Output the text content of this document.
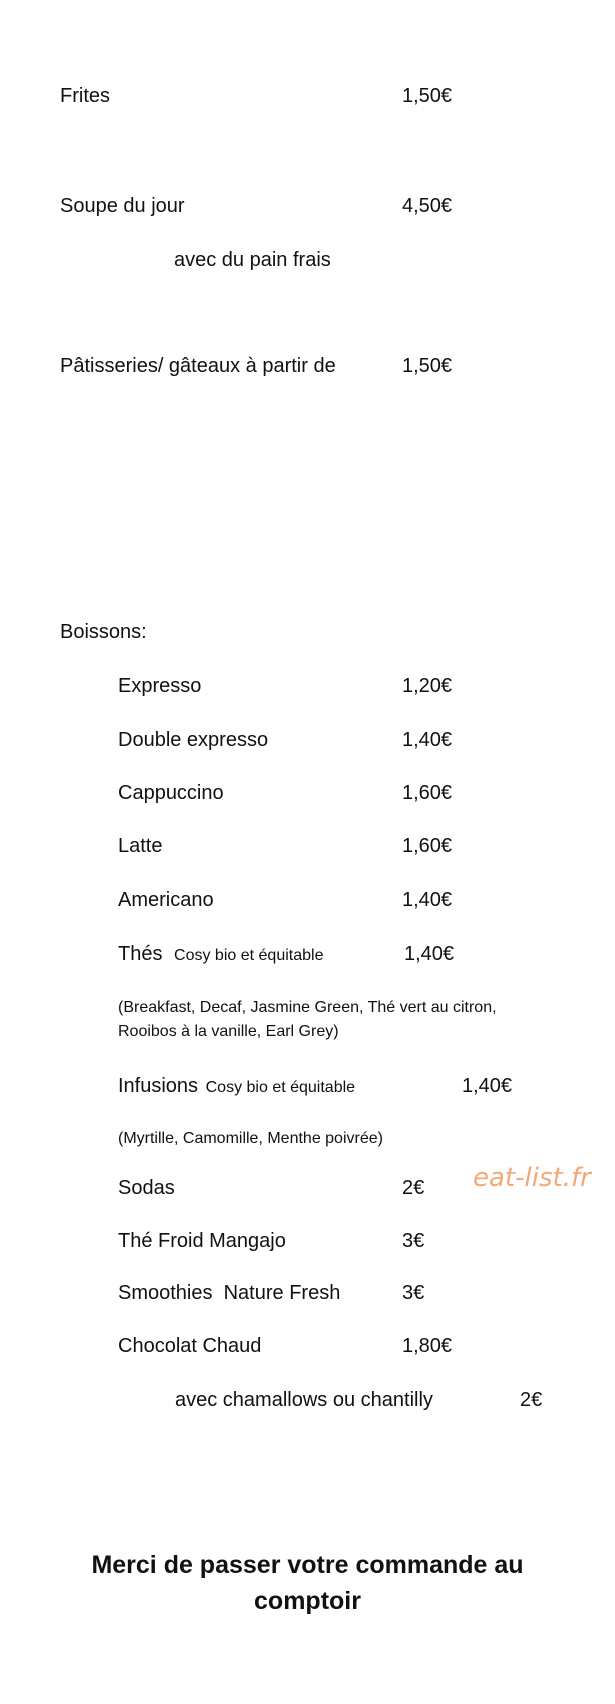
Frites	1,50€
Soupe du jour	4,50€
avec du pain frais
Pâtisseries/ gâteaux à partir de	1,50€
Boissons:
Expresso	1,20€
Double expresso	1,40€
Cappuccino	1,60€
Latte	1,60€
Americano	1,40€
Thés Cosy bio et équitable	1,40€
(Breakfast, Decaf, Jasmine Green, Thé vert au citron, Rooibos à la vanille, Earl Grey)
Infusions Cosy bio et équitable	1,40€
(Myrtille, Camomille, Menthe poivrée)
Sodas	2€ eat-list.fr
Thé Froid Mangajo	3€
Smoothies  Nature Fresh	3€
Chocolat Chaud	1,80€
avec chamallows ou chantilly	2€
Merci de passer votre commande au comptoir
